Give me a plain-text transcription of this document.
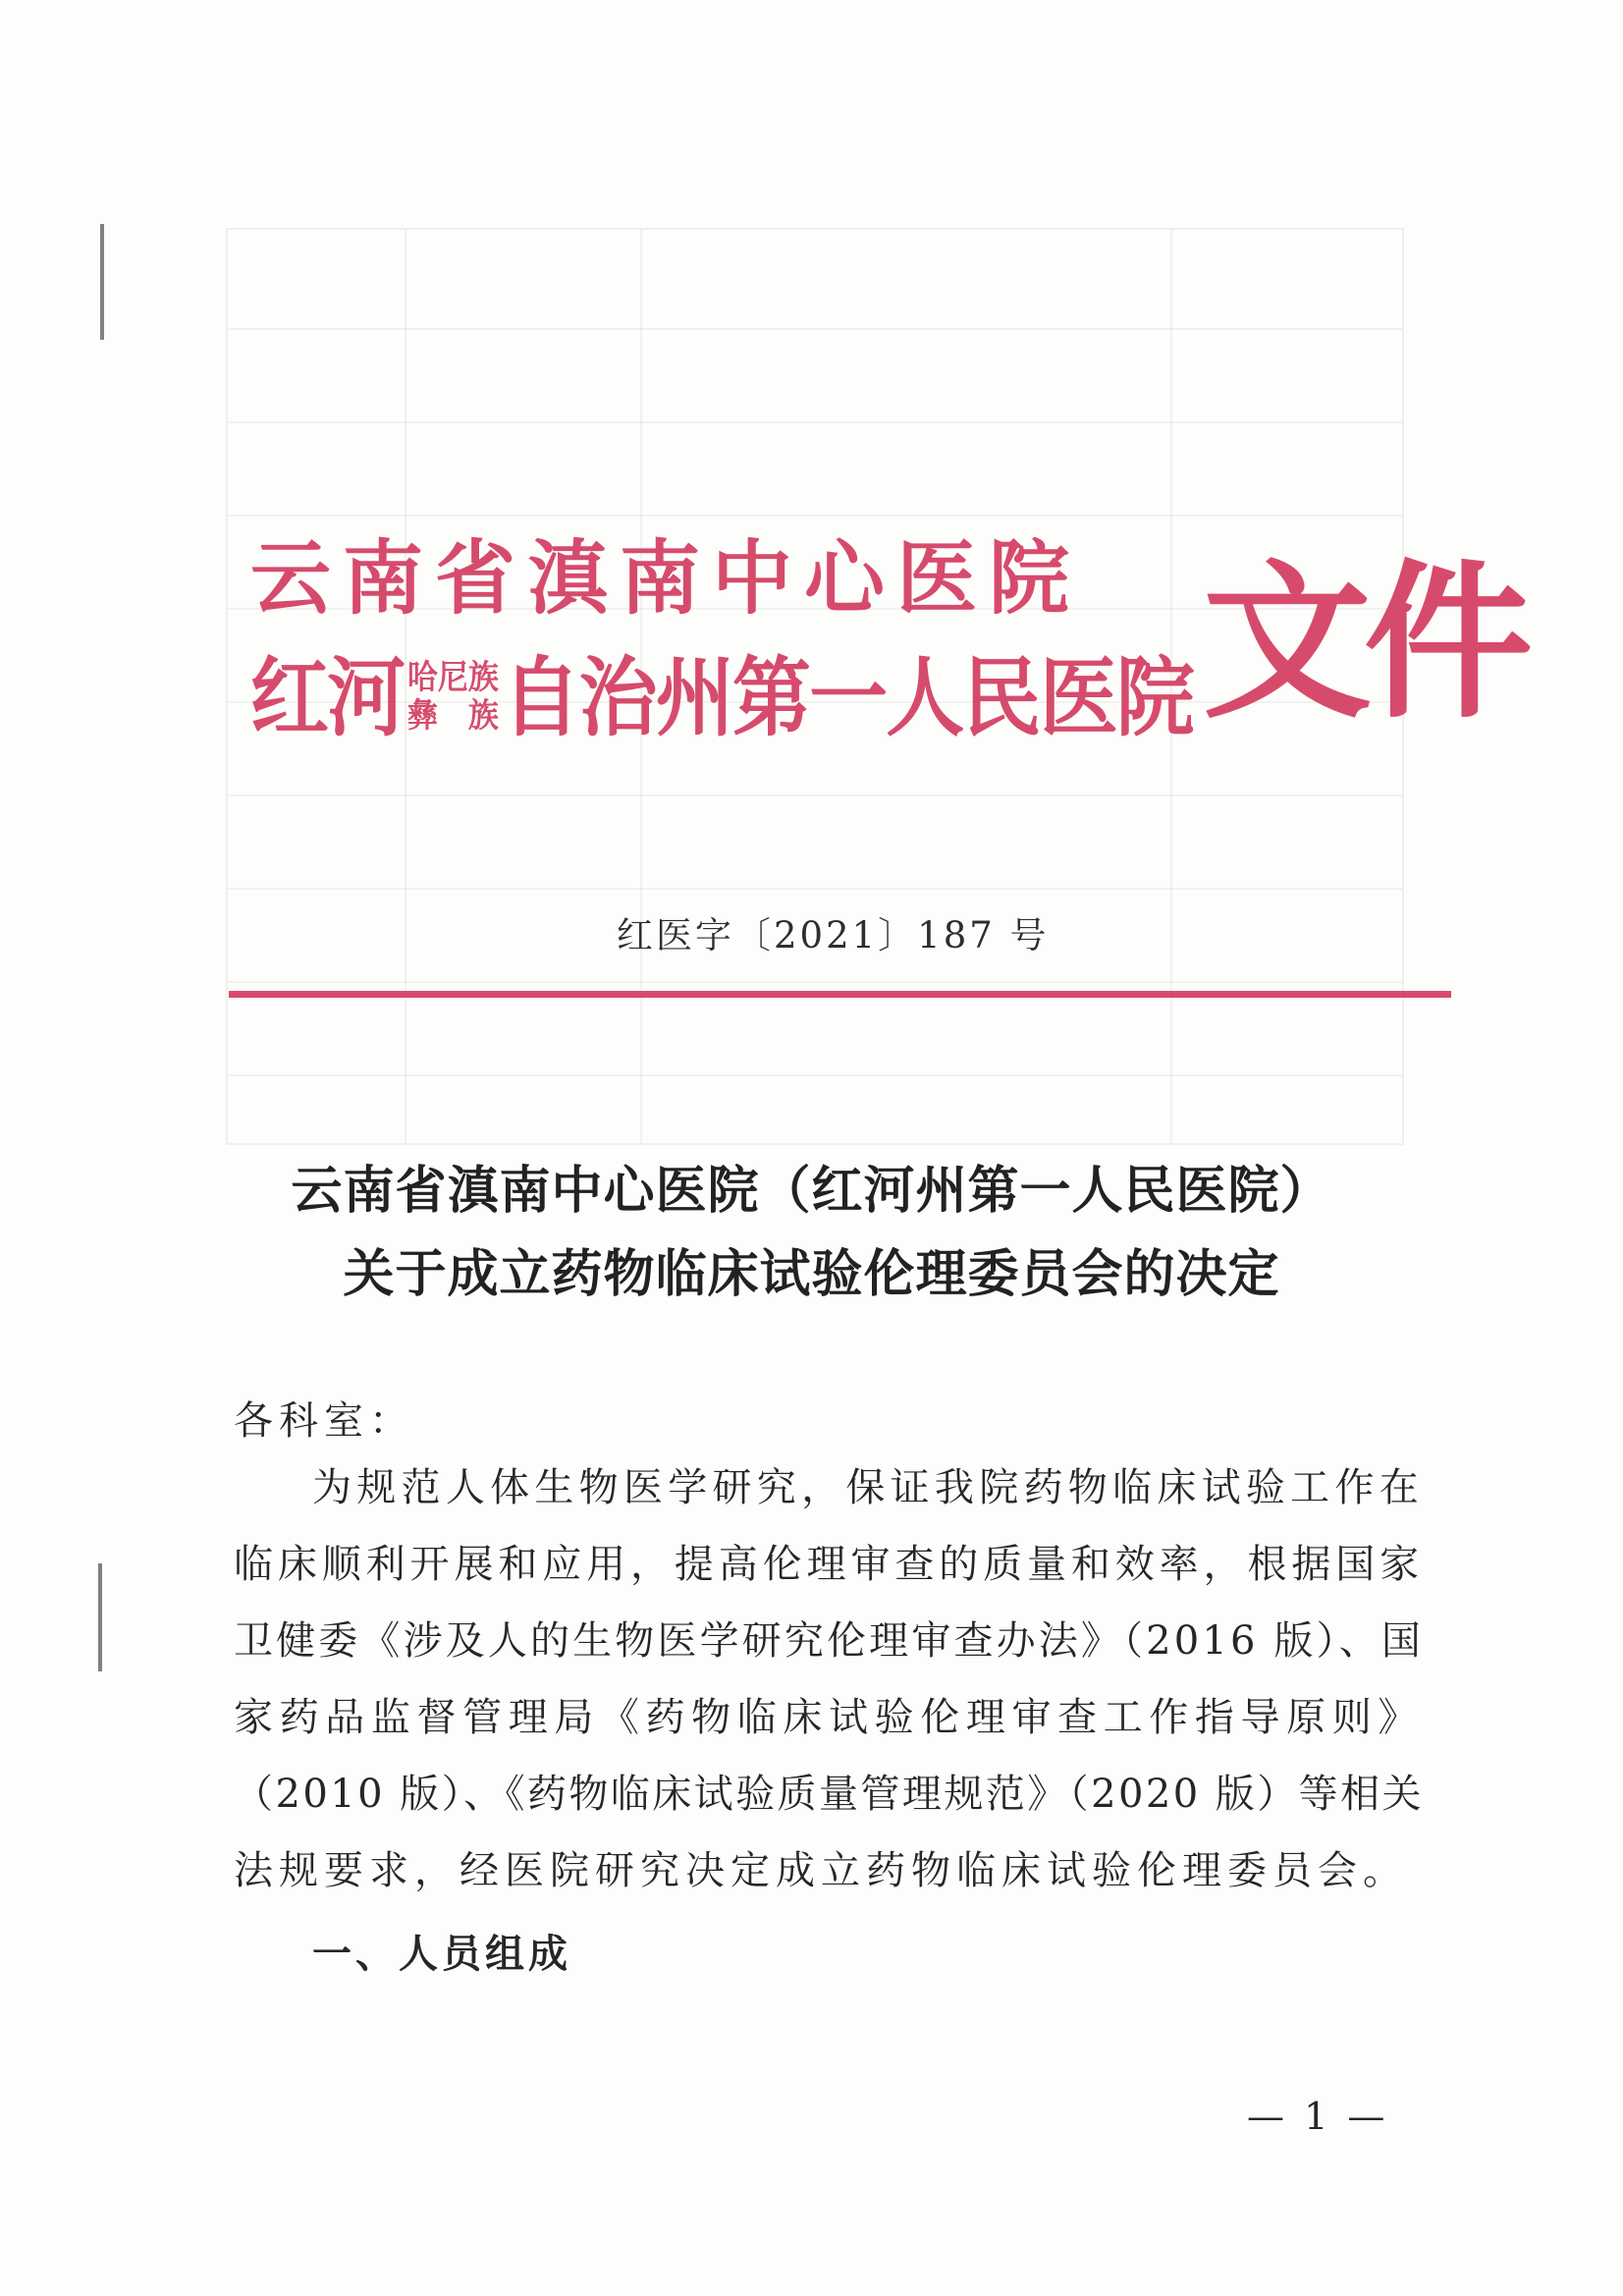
云南省滇南中心医院
红河 哈尼族
彝　族 自治州第一人民医院 文件
红医字〔2021〕187 号
云南省滇南中心医院（红河州第一人民医院）
关于成立药物临床试验伦理委员会的决定
各科室：
为规范人体生物医学研究，保证我院药物临床试验工作在
临床顺利开展和应用，提高伦理审查的质量和效率，根据国家
卫健委《涉及人的生物医学研究伦理审查办法》（2016 版）、国
家药品监督管理局《药物临床试验伦理审查工作指导原则》
（2010 版）、《药物临床试验质量管理规范》（2020 版）等相关
法规要求，经医院研究决定成立药物临床试验伦理委员会。
一、人员组成
— 1 —
